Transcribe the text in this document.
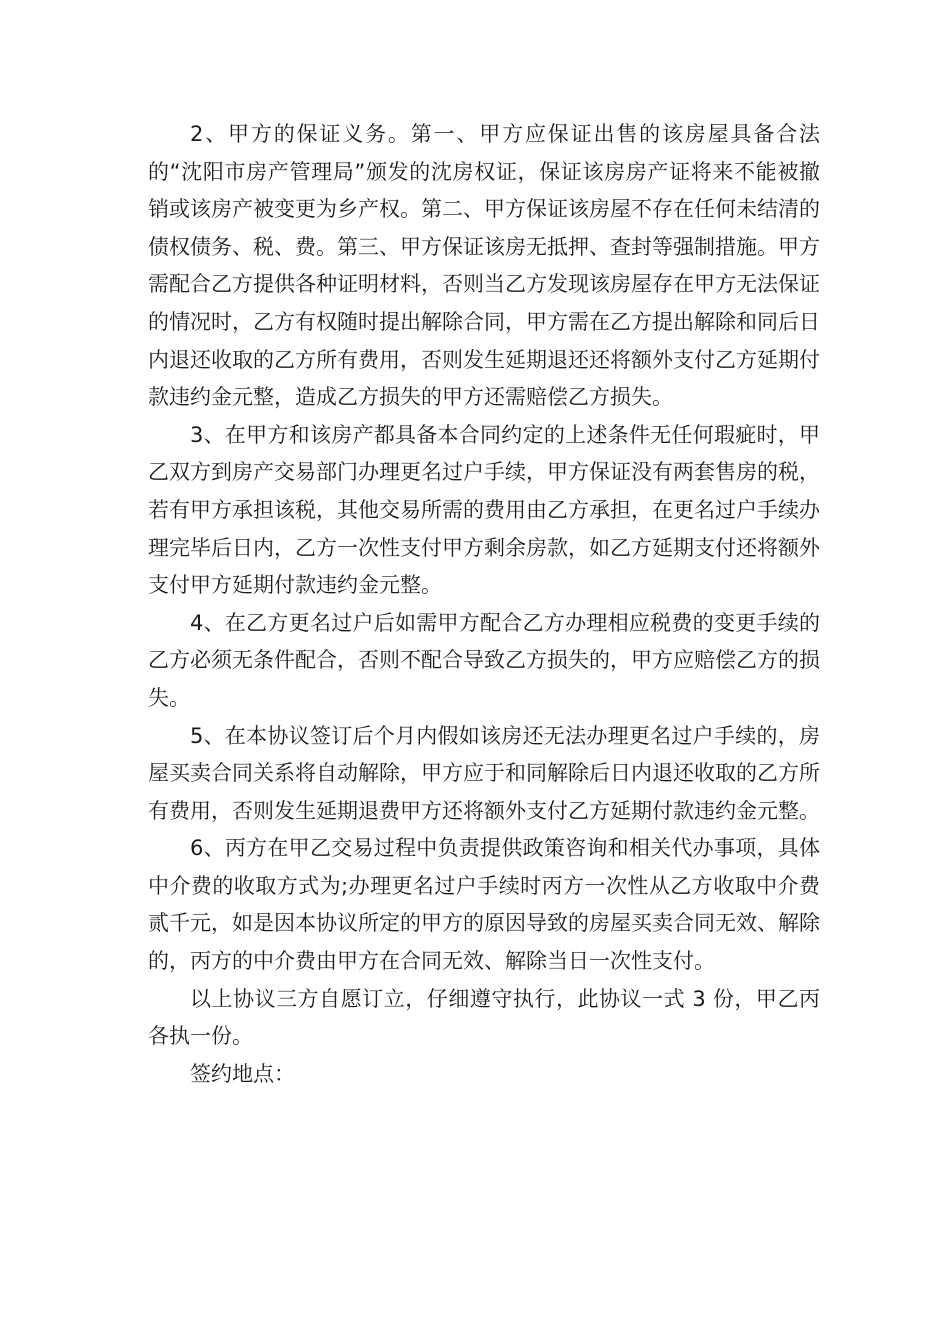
2、甲方的保证义务。第一、甲方应保证出售的该房屋具备合法的“沈阳市房产管理局”颁发的沈房权证，保证该房房产证将来不能被撤销或该房产被变更为乡产权。第二、甲方保证该房屋不存在任何未结清的债权债务、税、费。第三、甲方保证该房无抵押、查封等强制措施。甲方需配合乙方提供各种证明材料，否则当乙方发现该房屋存在甲方无法保证的情况时，乙方有权随时提出解除合同，甲方需在乙方提出解除和同后日内退还收取的乙方所有费用，否则发生延期退还还将额外支付乙方延期付款违约金元整，造成乙方损失的甲方还需赔偿乙方损失。

3、在甲方和该房产都具备本合同约定的上述条件无任何瑕疵时，甲乙双方到房产交易部门办理更名过户手续，甲方保证没有两套售房的税，若有甲方承担该税，其他交易所需的费用由乙方承担，在更名过户手续办理完毕后日内，乙方一次性支付甲方剩余房款，如乙方延期支付还将额外支付甲方延期付款违约金元整。

4、在乙方更名过户后如需甲方配合乙方办理相应税费的变更手续的乙方必须无条件配合，否则不配合导致乙方损失的，甲方应赔偿乙方的损失。

5、在本协议签订后个月内假如该房还无法办理更名过户手续的，房屋买卖合同关系将自动解除，甲方应于和同解除后日内退还收取的乙方所有费用，否则发生延期退费甲方还将额外支付乙方延期付款违约金元整。

6、丙方在甲乙交易过程中负责提供政策咨询和相关代办事项，具体中介费的收取方式为;办理更名过户手续时丙方一次性从乙方收取中介费贰千元，如是因本协议所定的甲方的原因导致的房屋买卖合同无效、解除的，丙方的中介费由甲方在合同无效、解除当日一次性支付。

以上协议三方自愿订立，仔细遵守执行，此协议一式 3 份，甲乙丙各执一份。

签约地点：
